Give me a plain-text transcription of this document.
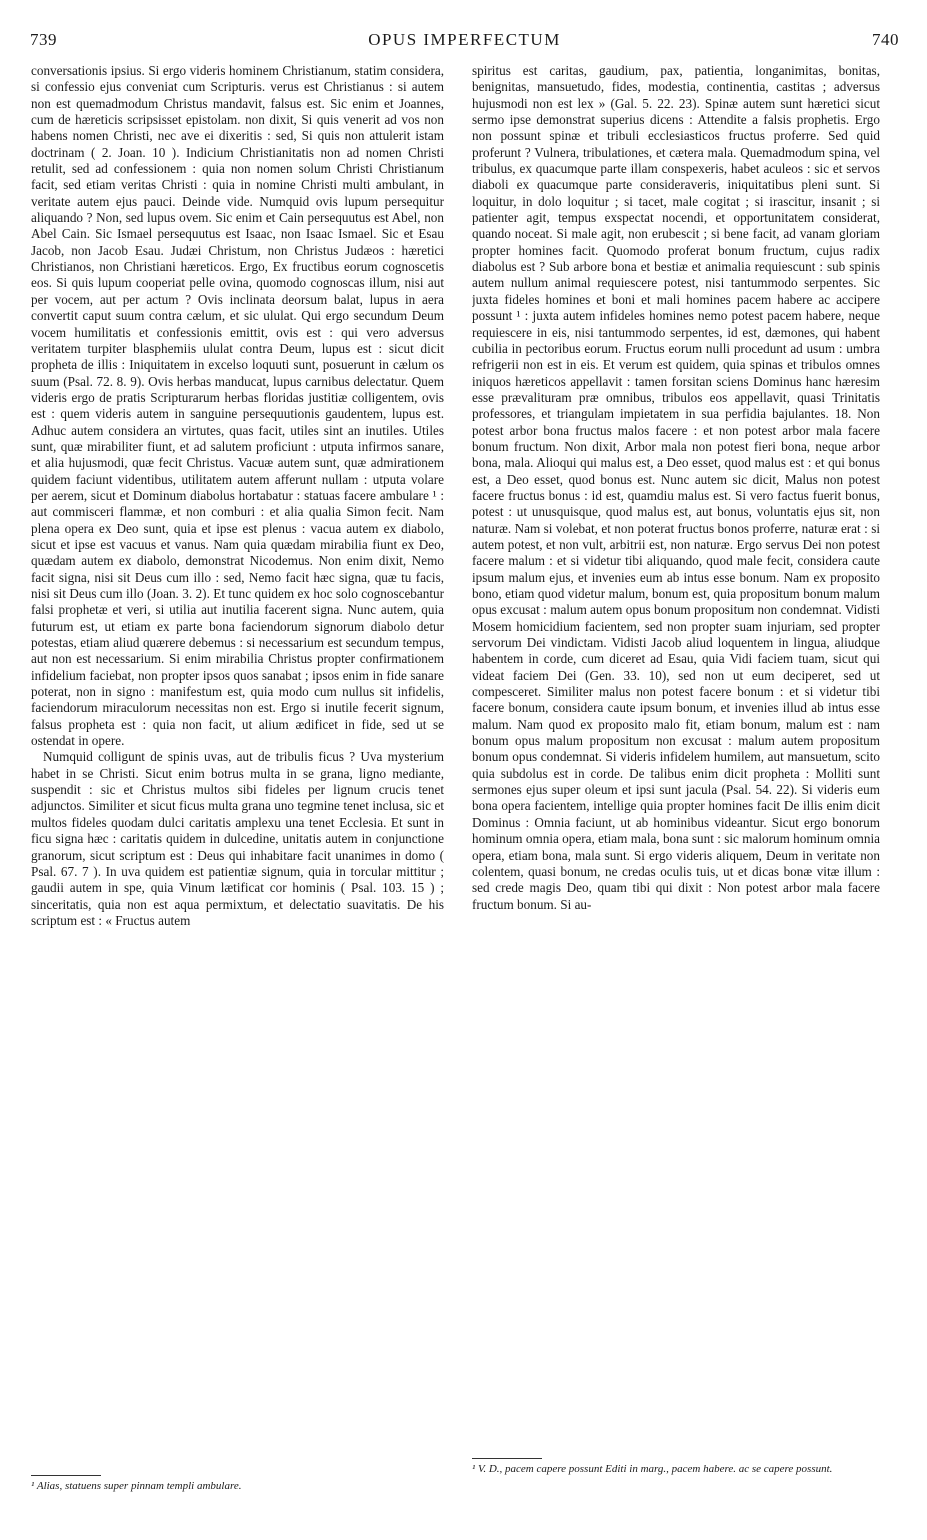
739	OPUS IMPERFECTUM	740

conversationis ipsius. Si ergo videris hominem Christianum, statim considera, si confessio ejus conveniat cum Scripturis. verus est Christianus : si autem non est quemadmodum Christus mandavit, falsus est. Sic enim et Joannes, cum de hæreticis scripsisset epistolam. non dixit, Si quis venerit ad vos non habens nomen Christi, nec ave ei dixeritis : sed, Si quis non attulerit istam doctrinam ( 2. Joan. 10 ). Indicium Christianitatis non ad nomen Christi retulit, sed ad confessionem : quia non nomen solum Christi Christianum facit, sed etiam veritas Christi : quia in nomine Christi multi ambulant, in veritate autem ejus pauci. Deinde vide. Numquid ovis lupum persequitur aliquando ? Non, sed lupus ovem. Sic enim et Cain persequutus est Abel, non Abel Cain. Sic Ismael persequutus est Isaac, non Isaac Ismael. Sic et Esau Jacob, non Jacob Esau. Judæi Christum, non Christus Judæos : hæretici Christianos, non Christiani hæreticos. Ergo, Ex fructibus eorum cognoscetis eos. Si quis lupum cooperiat pelle ovina, quomodo cognoscas illum, nisi aut per vocem, aut per actum ? Ovis inclinata deorsum balat, lupus in aera convertit caput suum contra cælum, et sic ululat. Qui ergo secundum Deum vocem humilitatis et confessionis emittit, ovis est : qui vero adversus veritatem turpiter blasphemiis ululat contra Deum, lupus est : sicut dicit propheta de illis : Iniquitatem in excelso loquuti sunt, posuerunt in cælum os suum (Psal. 72. 8. 9). Ovis herbas manducat, lupus carnibus delectatur. Quem videris ergo de pratis Scripturarum herbas floridas justitiæ colligentem, ovis est : quem videris autem in sanguine persequutionis gaudentem, lupus est. Adhuc autem considera an virtutes, quas facit, utiles sint an inutiles. Utiles sunt, quæ mirabiliter fiunt, et ad salutem proficiunt : utputa infirmos sanare, et alia hujusmodi, quæ fecit Christus. Vacuæ autem sunt, quæ admirationem quidem faciunt videntibus, utilitatem autem afferunt nullam : utputa volare per aerem, sicut et Dominum diabolus hortabatur : statuas facere ambulare ¹ : aut commisceri flammæ, et non comburi : et alia qualia Simon fecit. Nam plena opera ex Deo sunt, quia et ipse est plenus : vacua autem ex diabolo, sicut et ipse est vacuus et vanus. Nam quia quædam mirabilia fiunt ex Deo, quædam autem ex diabolo, demonstrat Nicodemus. Non enim dixit, Nemo facit signa, nisi sit Deus cum illo : sed, Nemo facit hæc signa, quæ tu facis, nisi sit Deus cum illo (Joan. 3. 2). Et tunc quidem ex hoc solo cognoscebantur falsi prophetæ et veri, si utilia aut inutilia facerent signa. Nunc autem, quia futurum est, ut etiam ex parte bona faciendorum signorum diabolo detur potestas, etiam aliud quærere debemus : si necessarium est secundum tempus, aut non est necessarium. Si enim mirabilia Christus propter confirmationem infidelium faciebat, non propter ipsos quos sanabat ; ipsos enim in fide sanare poterat, non in signo : manifestum est, quia modo cum nullus sit infidelis, faciendorum miraculorum necessitas non est. Ergo si inutile fecerit signum, falsus propheta est : quia non facit, ut alium ædificet in fide, sed ut se ostendat in opere.
Numquid colligunt de spinis uvas, aut de tribulis ficus ? Uva mysterium habet in se Christi. Sicut enim botrus multa in se grana, ligno mediante, suspendit : sic et Christus multos sibi fideles per lignum crucis tenet adjunctos. Similiter et sicut ficus multa grana uno tegmine tenet inclusa, sic et multos fideles quodam dulci caritatis amplexu una tenet Ecclesia. Et sunt in ficu signa hæc : caritatis quidem in dulcedine, unitatis autem in conjunctione granorum, sicut scriptum est : Deus qui inhabitare facit unanimes in domo ( Psal. 67. 7 ). In uva quidem est patientiæ signum, quia in torcular mittitur ; gaudii autem in spe, quia Vinum lætificat cor hominis ( Psal. 103. 15 ) ; sinceritatis, quia non est aqua permixtum, et delectatio suavitatis. De his scriptum est : « Fructus autem

¹ Alias, statuens super pinnam templi ambulare.

spiritus est caritas, gaudium, pax, patientia, longanimitas, bonitas, benignitas, mansuetudo, fides, modestia, continentia, castitas ; adversus hujusmodi non est lex » (Gal. 5. 22. 23). Spinæ autem sunt hæretici sicut sermo ipse demonstrat superius dicens : Attendite a falsis prophetis. Ergo non possunt spinæ et tribuli ecclesiasticos fructus proferre. Sed quid proferunt ? Vulnera, tribulationes, et cætera mala. Quemadmodum spina, vel tribulus, ex quacumque parte illam conspexeris, habet aculeos : sic et servos diaboli ex quacumque parte consideraveris, iniquitatibus pleni sunt. Si loquitur, in dolo loquitur ; si tacet, male cogitat ; si irascitur, insanit ; si patienter agit, tempus exspectat nocendi, et opportunitatem considerat, quando noceat. Si male agit, non erubescit ; si bene facit, ad vanam gloriam propter homines facit. Quomodo proferat bonum fructum, cujus radix diabolus est ? Sub arbore bona et bestiæ et animalia requiescunt : sub spinis autem nullum animal requiescere potest, nisi tantummodo serpentes. Sic juxta fideles homines et boni et mali homines pacem habere ac accipere possunt ¹ : juxta autem infideles homines nemo potest pacem habere, neque requiescere in eis, nisi tantummodo serpentes, id est, dæmones, qui habent cubilia in pectoribus eorum. Fructus eorum nulli procedunt ad usum : umbra refrigerii non est in eis. Et verum est quidem, quia spinas et tribulos omnes iniquos hæreticos appellavit : tamen forsitan sciens Dominus hanc hæresim esse prævalituram præ omnibus, tribulos eos appellavit, quasi Trinitatis professores, et triangulam impietatem in sua perfidia bajulantes. 18. Non potest arbor bona fructus malos facere : et non potest arbor mala facere bonum fructum. Non dixit, Arbor mala non potest fieri bona, neque arbor bona, mala. Alioqui qui malus est, a Deo esset, quod malus est : et qui bonus est, a Deo esset, quod bonus est. Nunc autem sic dicit, Malus non potest facere fructus bonus : id est, quamdiu malus est. Si vero factus fuerit bonus, potest : ut unusquisque, quod malus est, aut bonus, voluntatis ejus sit, non naturæ. Nam si volebat, et non poterat fructus bonos proferre, naturæ erat : si autem potest, et non vult, arbitrii est, non naturæ. Ergo servus Dei non potest facere malum : et si videtur tibi aliquando, quod male fecit, considera caute ipsum malum ejus, et invenies eum ab intus esse bonum. Nam ex proposito bono, etiam quod videtur malum, bonum est, quia propositum bonum malum opus excusat : malum autem opus bonum propositum non condemnat. Vidisti Mosem homicidium facientem, sed non propter suam injuriam, sed propter servorum Dei vindictam. Vidisti Jacob aliud loquentem in lingua, aliudque habentem in corde, cum diceret ad Esau, quia Vidi faciem tuam, sicut qui videat faciem Dei (Gen. 33. 10), sed non ut eum deciperet, sed ut compesceret. Similiter malus non potest facere bonum : et si videtur tibi facere bonum, considera caute ipsum bonum, et invenies illud ab intus esse malum. Nam quod ex proposito malo fit, etiam bonum, malum est : nam bonum opus malum propositum non excusat : malum autem propositum bonum opus condemnat. Si videris infidelem humilem, aut mansuetum, scito quia subdolus est in corde. De talibus enim dicit propheta : Molliti sunt sermones ejus super oleum et ipsi sunt jacula (Psal. 54. 22). Si videris eum bona opera facientem, intellige quia propter homines facit De illis enim dicit Dominus : Omnia faciunt, ut ab hominibus videantur. Sicut ergo bonorum hominum omnia opera, etiam mala, bona sunt : sic malorum hominum omnia opera, etiam bona, mala sunt. Si ergo videris aliquem, Deum in veritate non colentem, quasi bonum, ne credas oculis tuis, ut et dicas bonæ vitæ illum : sed crede magis Deo, quam tibi qui dixit : Non potest arbor mala facere fructum bonum. Si au-

¹ V. D., pacem capere possunt Editi in marg., pacem habere. ac se capere possunt.
